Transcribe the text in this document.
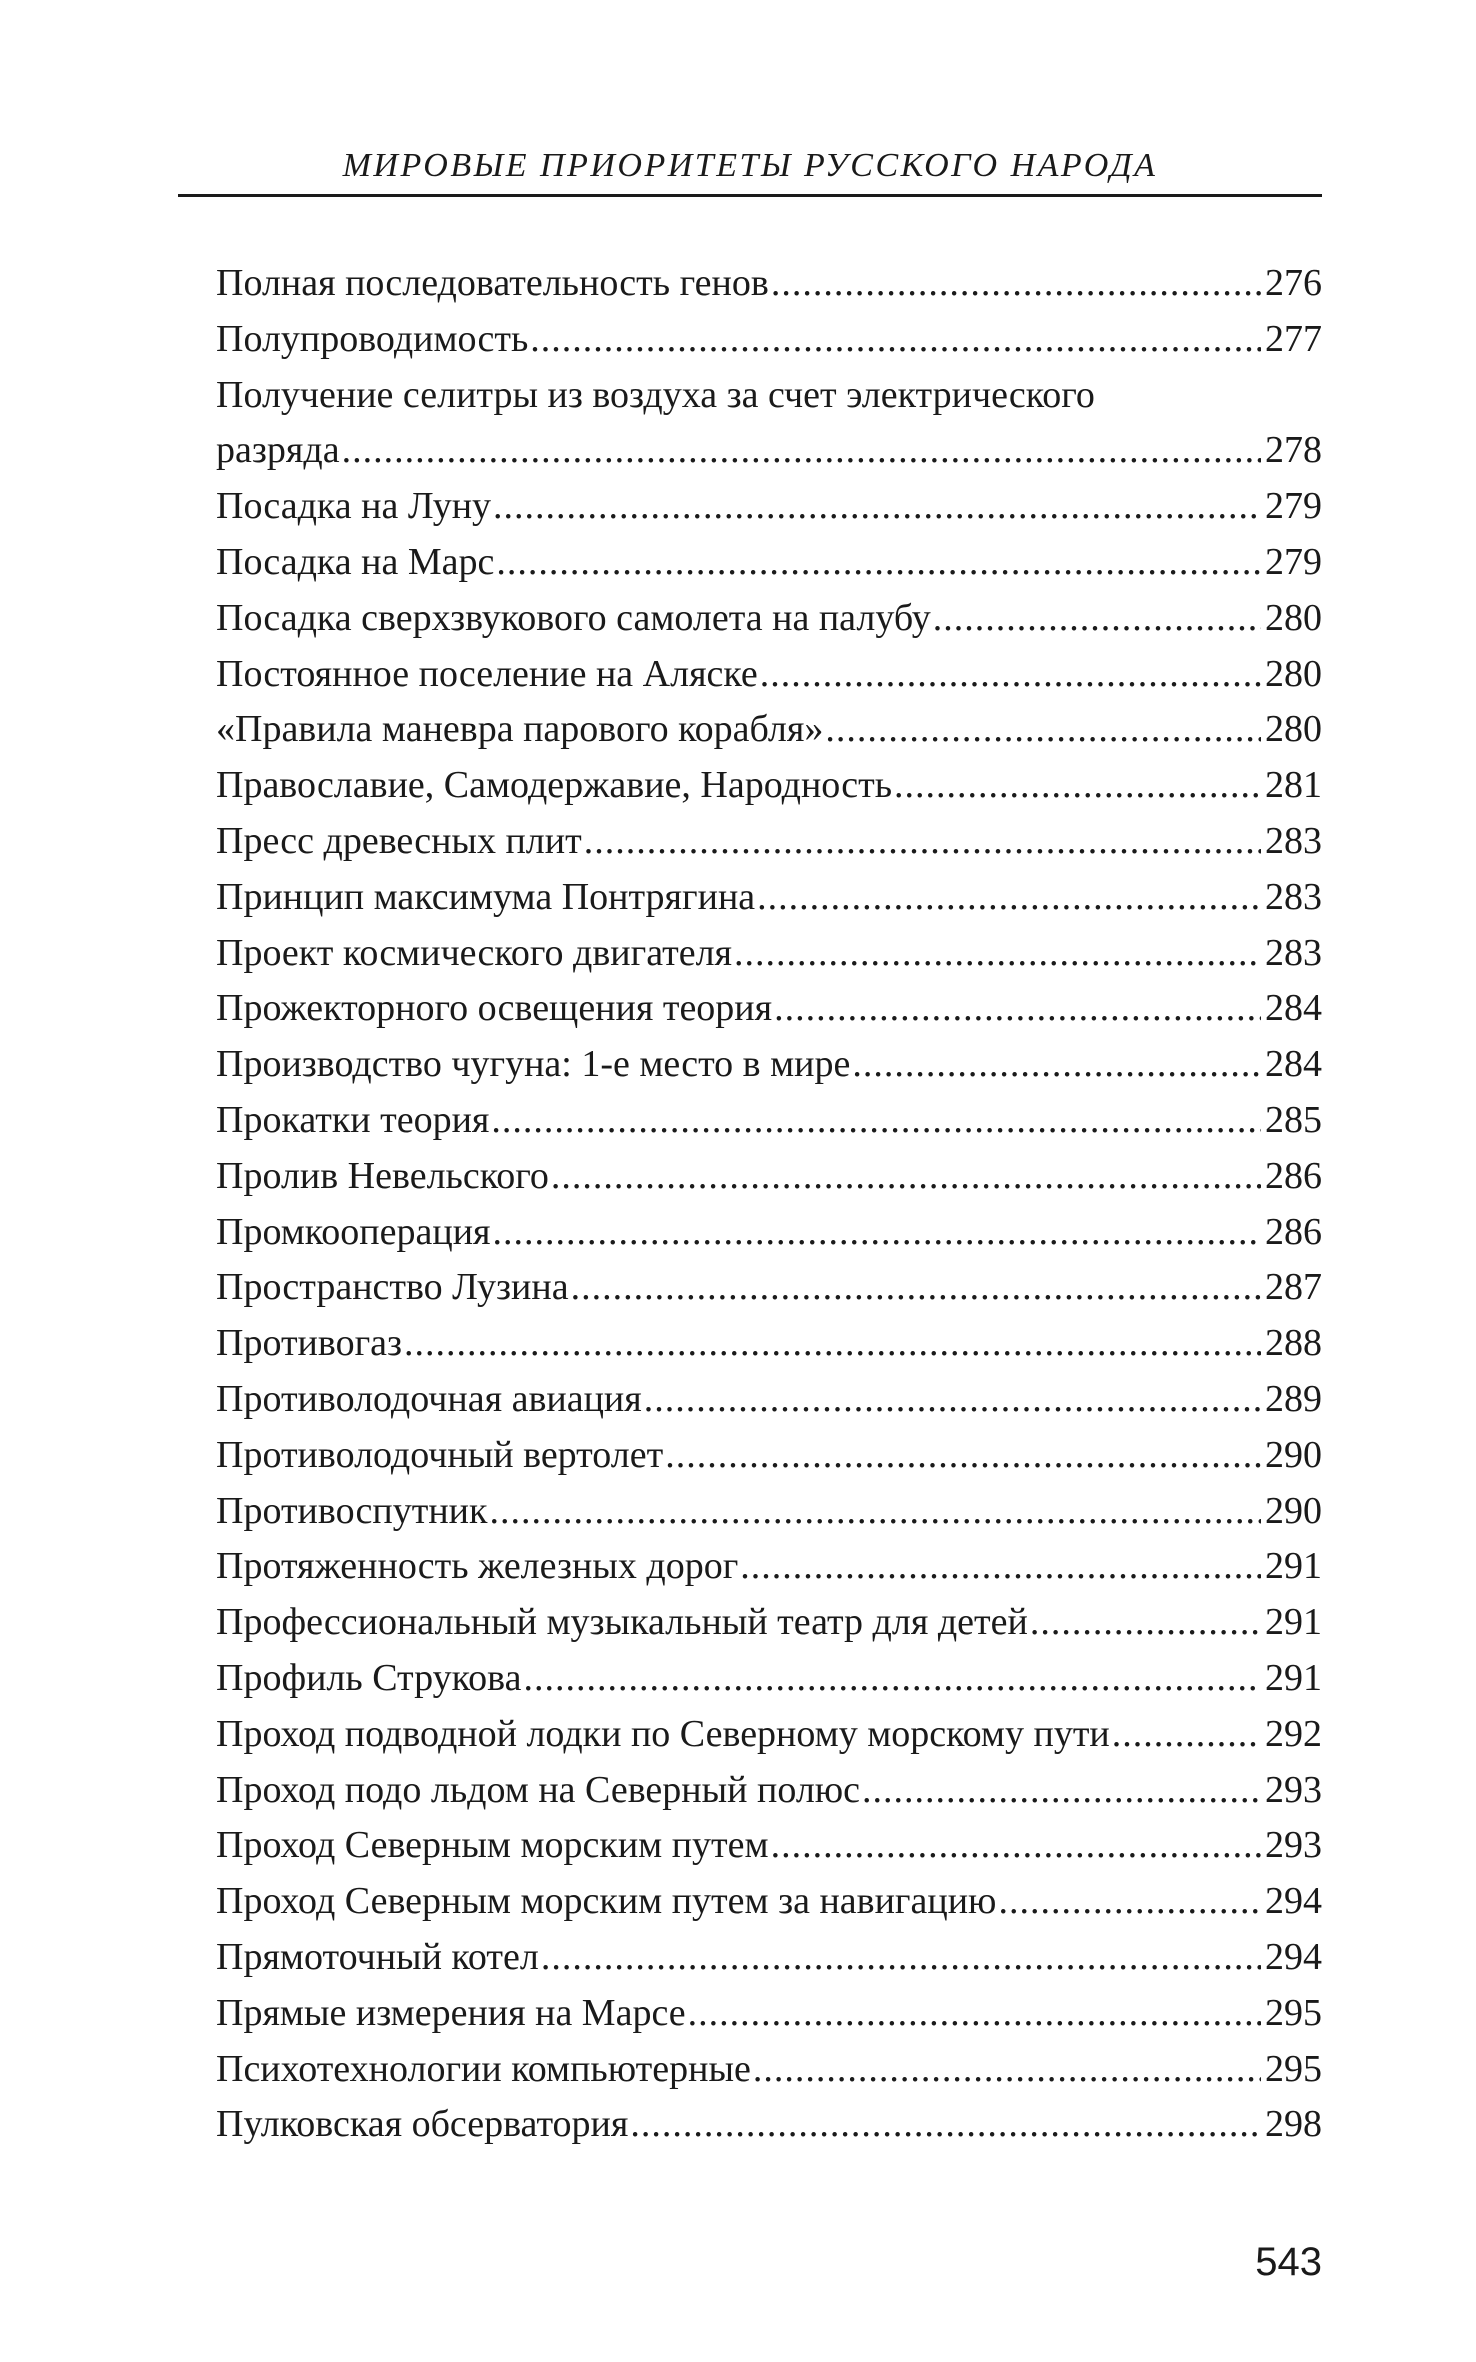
МИРОВЫЕ ПРИОРИТЕТЫ РУССКОГО НАРОДА
Полная последовательность генов .....	276
Полупроводимость .....	277
Получение селитры из воздуха за счет электрического
разряда .....	278
Посадка на Луну .....	279
Посадка на Марс .....	279
Посадка сверхзвукового самолета на палубу .....	280
Постоянное поселение на Аляске .....	280
«Правила маневра парового корабля» .....	280
Православие, Самодержавие, Народность .....	281
Пресс древесных плит .....	283
Принцип максимума Понтрягина .....	283
Проект космического двигателя .....	283
Прожекторного освещения теория .....	284
Производство чугуна: 1-е место в мире .....	284
Прокатки теория .....	285
Пролив Невельского .....	286
Промкооперация .....	286
Пространство Лузина .....	287
Противогаз .....	288
Противолодочная авиация .....	289
Противолодочный вертолет .....	290
Противоспутник .....	290
Протяженность железных дорог .....	291
Профессиональный музыкальный театр для детей .....	291
Профиль Струкова .....	291
Проход подводной лодки по Северному морскому пути .....	292
Проход подо льдом на Северный полюс .....	293
Проход Северным морским путем .....	293
Проход Северным морским путем за навигацию .....	294
Прямоточный котел .....	294
Прямые измерения на Марсе .....	295
Психотехнологии компьютерные .....	295
Пулковская обсерватория .....	298
543
